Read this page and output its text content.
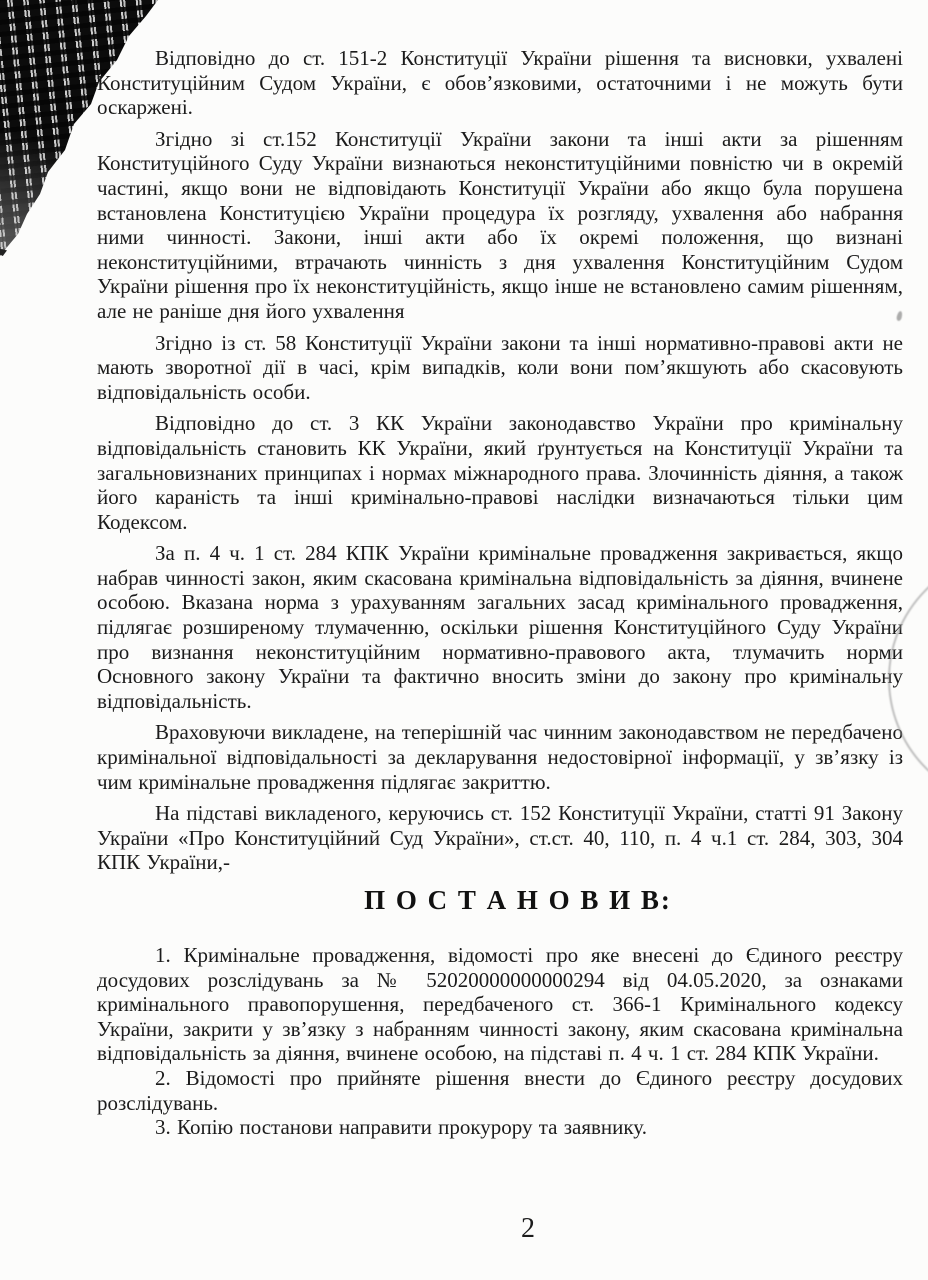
Відповідно до ст. 151-2 Конституції України рішення та висновки, ухвалені Конституційним Судом України, є обов’язковими, остаточними і не можуть бути оскаржені.

Згідно зі ст.152 Конституції України закони та інші акти за рішенням Конституційного Суду України визнаються неконституційними повністю чи в окремій частині, якщо вони не відповідають Конституції України або якщо була порушена встановлена Конституцією України процедура їх розгляду, ухвалення або набрання ними чинності. Закони, інші акти або їх окремі положення, що визнані неконституційними, втрачають чинність з дня ухвалення Конституційним Судом України рішення про їх неконституційність, якщо інше не встановлено самим рішенням, але не раніше дня його ухвалення

Згідно із ст. 58 Конституції України закони та інші нормативно-правові акти не мають зворотної дії в часі, крім випадків, коли вони пом’якшують або скасовують відповідальність особи.

Відповідно до ст. 3 КК України законодавство України про кримінальну відповідальність становить КК України, який ґрунтується на Конституції України та загальновизнаних принципах і нормах міжнародного права. Злочинність діяння, а також його караність та інші кримінально-правові наслідки визначаються тільки цим Кодексом.

За п. 4 ч. 1 ст. 284 КПК України кримінальне провадження закривається, якщо набрав чинності закон, яким скасована кримінальна відповідальність за діяння, вчинене особою. Вказана норма з урахуванням загальних засад кримінального провадження, підлягає розширеному тлумаченню, оскільки рішення Конституційного Суду України про визнання неконституційним нормативно-правового акта, тлумачить норми Основного закону України та фактично вносить зміни до закону про кримінальну відповідальність.

Враховуючи викладене, на теперішній час чинним законодавством не передбачено кримінальної відповідальності за декларування недостовірної інформації, у зв’язку із чим кримінальне провадження підлягає закриттю.

На підставі викладеного, керуючись ст. 152 Конституції України, статті 91 Закону України «Про Конституційний Суд України», ст.ст. 40, 110, п. 4 ч.1 ст. 284, 303, 304 КПК України,-

П О С Т А Н О В И В:

1. Кримінальне провадження, відомості про яке внесені до Єдиного реєстру досудових розслідувань за № 52020000000000294 від 04.05.2020, за ознаками кримінального правопорушення, передбаченого ст. 366-1 Кримінального кодексу України, закрити у зв’язку з набранням чинності закону, яким скасована кримінальна відповідальність за діяння, вчинене особою, на підставі п. 4 ч. 1 ст. 284 КПК України.

2. Відомості про прийняте рішення внести до Єдиного реєстру досудових розслідувань.

3. Копію постанови направити прокурору та заявнику.

2
